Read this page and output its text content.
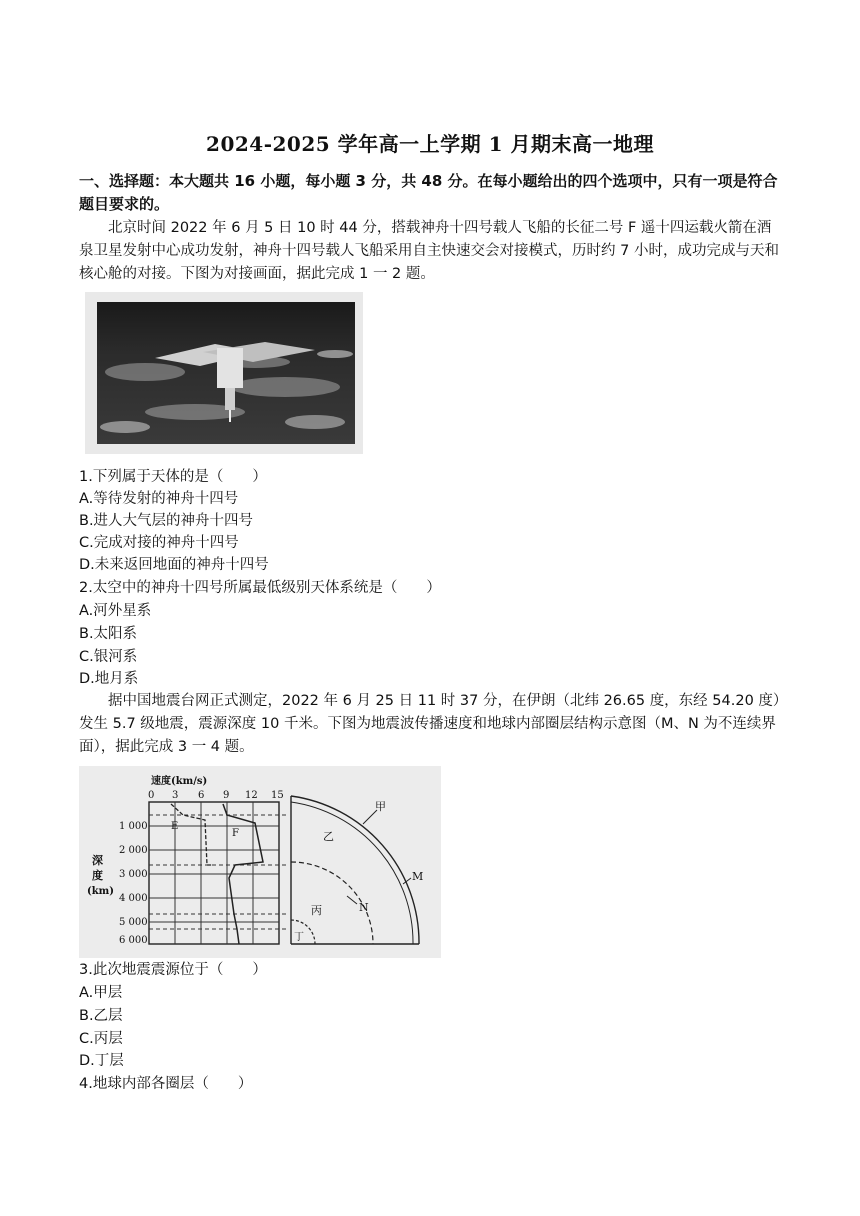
2024-2025 学年高一上学期 1 月期末高一地理
一、选择题：本大题共 16 小题，每小题 3 分，共 48 分。在每小题给出的四个选项中，只有一项是符合题目要求的。
北京时间 2022 年 6 月 5 日 10 时 44 分，搭载神舟十四号载人飞船的长征二号 F 遥十四运载火箭在酒泉卫星发射中心成功发射，神舟十四号载人飞船采用自主快速交会对接模式，历时约 7 小时，成功完成与天和核心舱的对接。下图为对接画面，据此完成 1 一 2 题。
1.下列属于天体的是（　　）
A.等待发射的神舟十四号
B.进人大气层的神舟十四号
C.完成对接的神舟十四号
D.未来返回地面的神舟十四号
2.太空中的神舟十四号所属最低级别天体系统是（　　）
A.河外星系
B.太阳系
C.银河系
D.地月系
据中国地震台网正式测定，2022 年 6 月 25 日 11 时 37 分，在伊朗（北纬 26.65 度，东经 54.20 度）发生 5.7 级地震，震源深度 10 千米。下图为地震波传播速度和地球内部圈层结构示意图（M、N 为不连续界面），据此完成 3 一 4 题。
速度(km/s)
0 3 6 9 12 15
1 000
2 000
3 000
4 000
5 000
6 000
深
度
(km)
E
F
甲
乙
丙
丁
M
N
3.此次地震震源位于（　　）
A.甲层
B.乙层
C.丙层
D.丁层
4.地球内部各圈层（　　）
